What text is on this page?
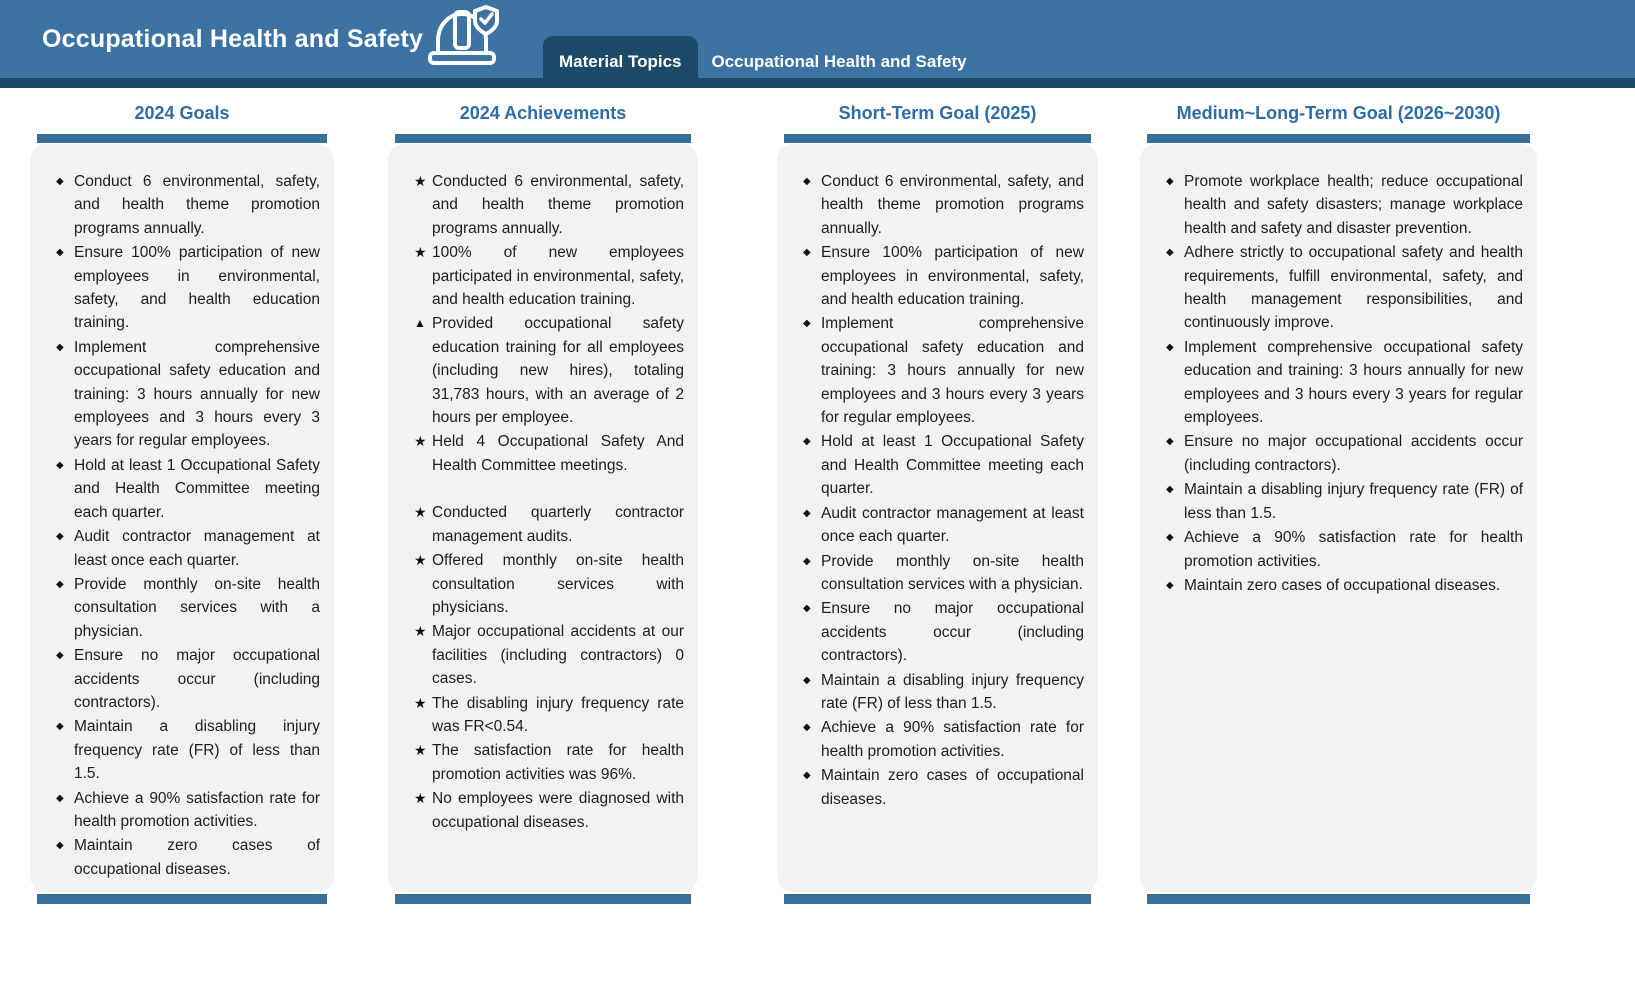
Occupational Health and Safety
Material Topics	Occupational Health and Safety
2024 Goals
◆ Conduct 6 environmental, safety, and health theme promotion programs annually.
◆ Ensure 100% participation of new employees in environmental, safety, and health education training.
◆ Implement comprehensive occupational safety education and training: 3 hours annually for new employees and 3 hours every 3 years for regular employees.
◆ Hold at least 1 Occupational Safety and Health Committee meeting each quarter.
◆ Audit contractor management at least once each quarter.
◆ Provide monthly on-site health consultation services with a physician.
◆ Ensure no major occupational accidents occur (including contractors).
◆ Maintain a disabling injury frequency rate (FR) of less than 1.5.
◆ Achieve a 90% satisfaction rate for health promotion activities.
◆ Maintain zero cases of occupational diseases.
2024 Achievements
★ Conducted 6 environmental, safety, and health theme promotion programs annually.
★ 100% of new employees participated in environmental, safety, and health education training.
▲ Provided occupational safety education training for all employees (including new hires), totaling 31,783 hours, with an average of 2 hours per employee.
★ Held 4 Occupational Safety And Health Committee meetings.
★ Conducted quarterly contractor management audits.
★ Offered monthly on-site health consultation services with physicians.
★ Major occupational accidents at our facilities (including contractors) 0 cases.
★ The disabling injury frequency rate was FR<0.54.
★ The satisfaction rate for health promotion activities was 96%.
★ No employees were diagnosed with occupational diseases.
Short-Term Goal (2025)
◆ Conduct 6 environmental, safety, and health theme promotion programs annually.
◆ Ensure 100% participation of new employees in environmental, safety, and health education training.
◆ Implement comprehensive occupational safety education and training: 3 hours annually for new employees and 3 hours every 3 years for regular employees.
◆ Hold at least 1 Occupational Safety and Health Committee meeting each quarter.
◆ Audit contractor management at least once each quarter.
◆ Provide monthly on-site health consultation services with a physician.
◆ Ensure no major occupational accidents occur (including contractors).
◆ Maintain a disabling injury frequency rate (FR) of less than 1.5.
◆ Achieve a 90% satisfaction rate for health promotion activities.
◆ Maintain zero cases of occupational diseases.
Medium~Long-Term Goal (2026~2030)
◆ Promote workplace health; reduce occupational health and safety disasters; manage workplace health and safety and disaster prevention.
◆ Adhere strictly to occupational safety and health requirements, fulfill environmental, safety, and health management responsibilities, and continuously improve.
◆ Implement comprehensive occupational safety education and training: 3 hours annually for new employees and 3 hours every 3 years for regular employees.
◆ Ensure no major occupational accidents occur (including contractors).
◆ Maintain a disabling injury frequency rate (FR) of less than 1.5.
◆ Achieve a 90% satisfaction rate for health promotion activities.
◆ Maintain zero cases of occupational diseases.
